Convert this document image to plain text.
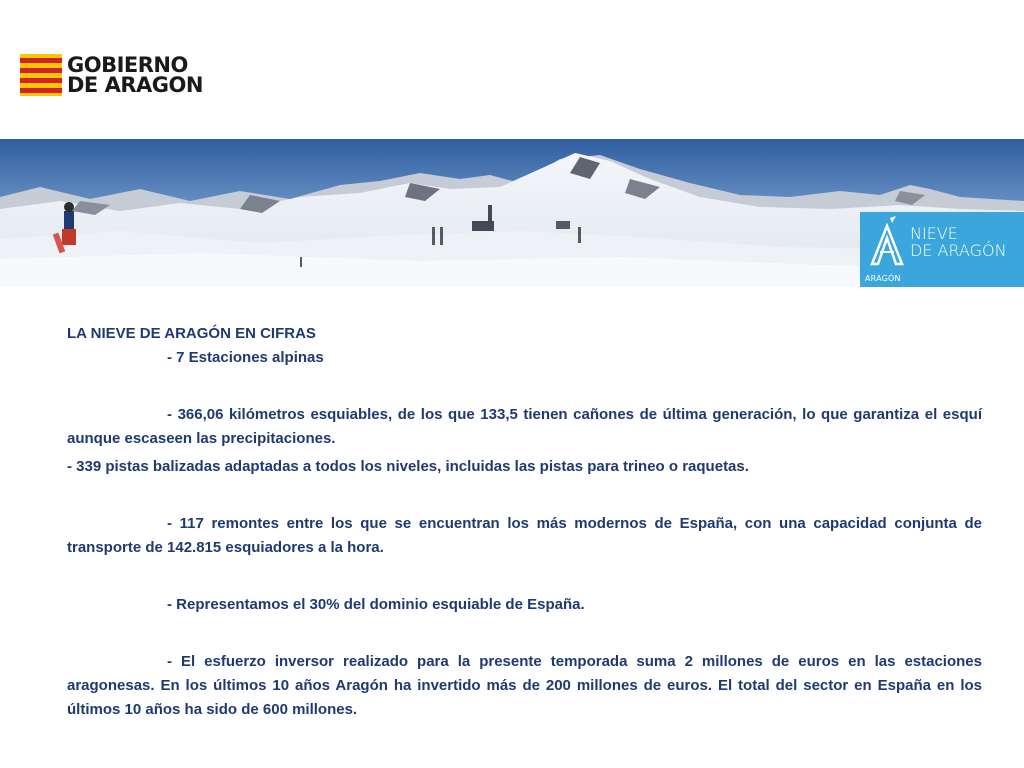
GOBIERNO
DE ARAGON
NIEVE
DE ARAGÓN
ARAGÓN

LA NIEVE DE ARAGÓN EN CIFRAS

- 7 Estaciones alpinas

- 366,06 kilómetros esquiables, de los que 133,5 tienen cañones de última generación, lo que garantiza el esquí aunque escaseen las precipitaciones.

- 339 pistas balizadas adaptadas a todos los niveles, incluidas las pistas para trineo o raquetas.

- 117 remontes entre los que se encuentran los más modernos de España, con una capacidad conjunta de transporte de 142.815 esquiadores a la hora.

- Representamos el 30% del dominio esquiable de España.

- El esfuerzo inversor realizado para la presente temporada suma 2 millones de euros en las estaciones aragonesas. En los últimos 10 años Aragón ha invertido más de 200 millones de euros. El total del sector en España en los últimos 10 años ha sido de 600 millones.
